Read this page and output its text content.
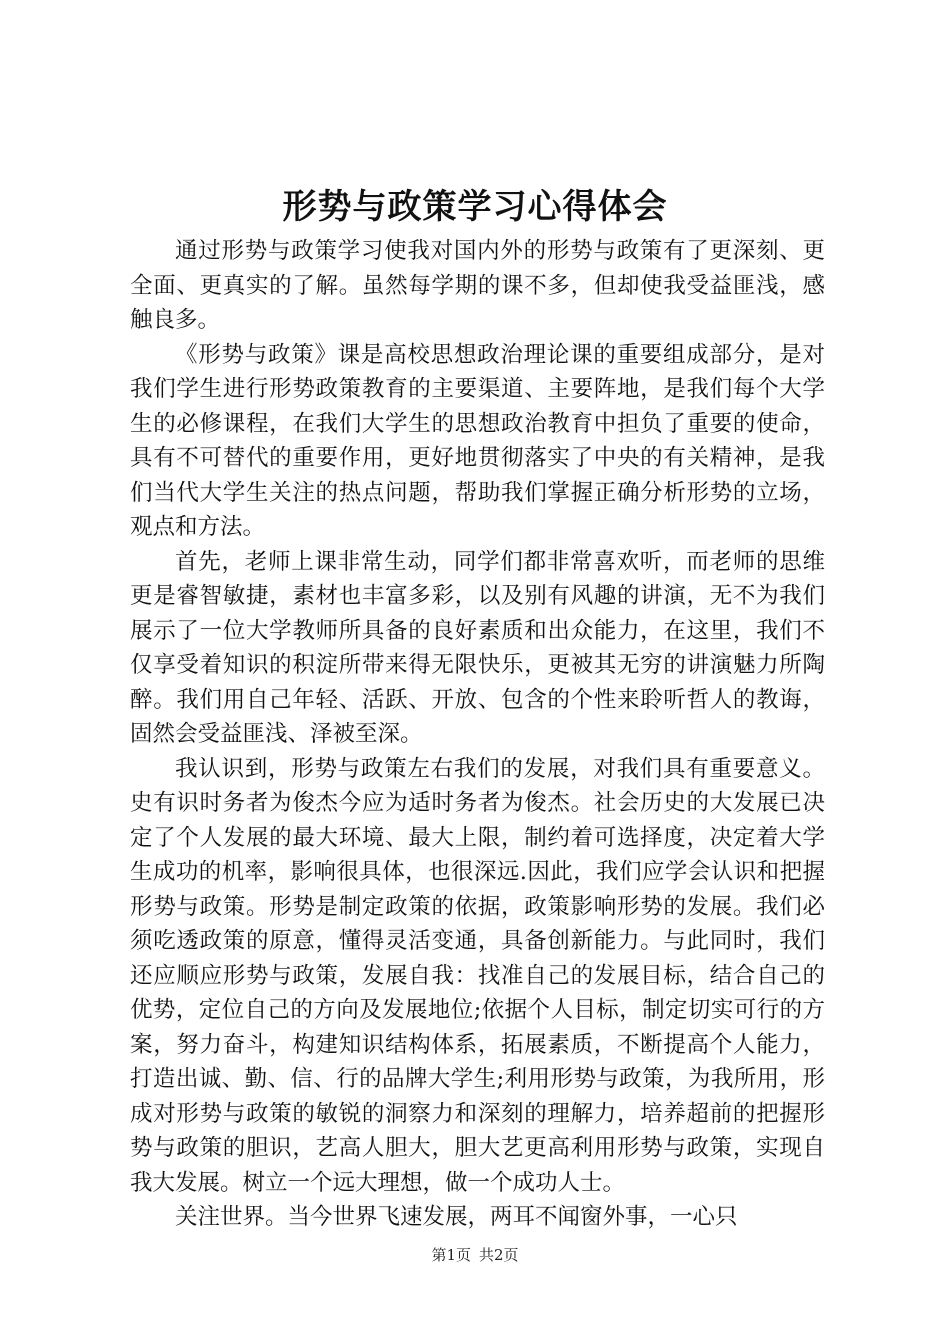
形势与政策学习心得体会

通过形势与政策学习使我对国内外的形势与政策有了更深刻、更全面、更真实的了解。虽然每学期的课不多，但却使我受益匪浅，感触良多。

《形势与政策》课是高校思想政治理论课的重要组成部分，是对我们学生进行形势政策教育的主要渠道、主要阵地，是我们每个大学生的必修课程，在我们大学生的思想政治教育中担负了重要的使命，具有不可替代的重要作用，更好地贯彻落实了中央的有关精神，是我们当代大学生关注的热点问题，帮助我们掌握正确分析形势的立场，观点和方法。

首先，老师上课非常生动，同学们都非常喜欢听，而老师的思维更是睿智敏捷，素材也丰富多彩，以及别有风趣的讲演，无不为我们展示了一位大学教师所具备的良好素质和出众能力，在这里，我们不仅享受着知识的积淀所带来得无限快乐，更被其无穷的讲演魅力所陶醉。我们用自己年轻、活跃、开放、包含的个性来聆听哲人的教诲，固然会受益匪浅、泽被至深。

我认识到，形势与政策左右我们的发展，对我们具有重要意义。史有识时务者为俊杰今应为适时务者为俊杰。社会历史的大发展已决定了个人发展的最大环境、最大上限，制约着可选择度，决定着大学生成功的机率，影响很具体，也很深远.因此，我们应学会认识和把握形势与政策。形势是制定政策的依据，政策影响形势的发展。我们必须吃透政策的原意，懂得灵活变通，具备创新能力。与此同时，我们还应顺应形势与政策，发展自我：找准自己的发展目标，结合自己的优势，定位自己的方向及发展地位;依据个人目标，制定切实可行的方案，努力奋斗，构建知识结构体系，拓展素质，不断提高个人能力，打造出诚、勤、信、行的品牌大学生;利用形势与政策，为我所用，形成对形势与政策的敏锐的洞察力和深刻的理解力，培养超前的把握形势与政策的胆识，艺高人胆大，胆大艺更高利用形势与政策，实现自我大发展。树立一个远大理想，做一个成功人士。

关注世界。当今世界飞速发展，两耳不闻窗外事，一心只

第1页 共2页
